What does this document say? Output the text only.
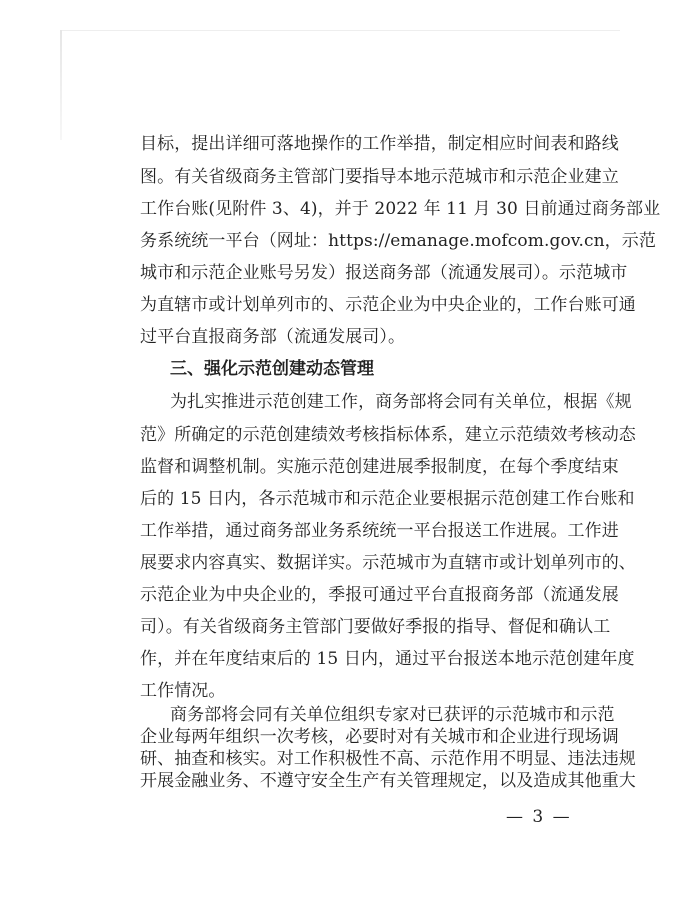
目标，提出详细可落地操作的工作举措，制定相应时间表和路线
图。有关省级商务主管部门要指导本地示范城市和示范企业建立
工作台账(见附件 3、4)，并于 2022 年 11 月 30 日前通过商务部业
务系统统一平台（网址：https://emanage.mofcom.gov.cn，示范
城市和示范企业账号另发）报送商务部（流通发展司）。示范城市
为直辖市或计划单列市的、示范企业为中央企业的，工作台账可通
过平台直报商务部（流通发展司）。
三、强化示范创建动态管理
为扎实推进示范创建工作，商务部将会同有关单位，根据《规
范》所确定的示范创建绩效考核指标体系，建立示范绩效考核动态
监督和调整机制。实施示范创建进展季报制度，在每个季度结束
后的 15 日内，各示范城市和示范企业要根据示范创建工作台账和
工作举措，通过商务部业务系统统一平台报送工作进展。工作进
展要求内容真实、数据详实。示范城市为直辖市或计划单列市的、
示范企业为中央企业的，季报可通过平台直报商务部（流通发展
司）。有关省级商务主管部门要做好季报的指导、督促和确认工
作，并在年度结束后的 15 日内，通过平台报送本地示范创建年度
工作情况。
商务部将会同有关单位组织专家对已获评的示范城市和示范
企业每两年组织一次考核，必要时对有关城市和企业进行现场调
研、抽查和核实。对工作积极性不高、示范作用不明显、违法违规
开展金融业务、不遵守安全生产有关管理规定，以及造成其他重大
— 3 —
